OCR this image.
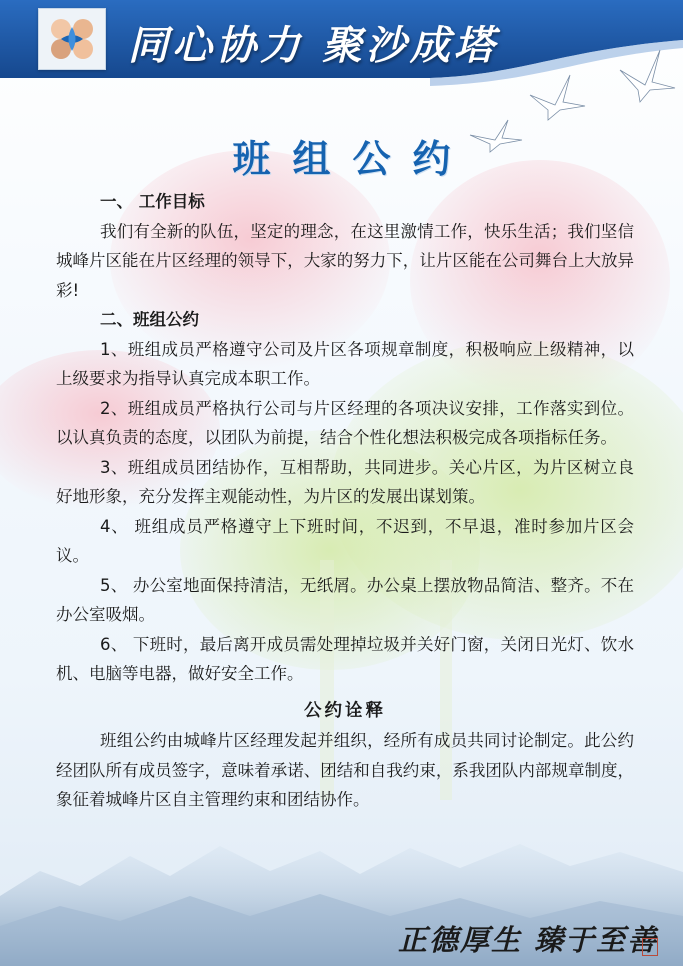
同心协力 聚沙成塔
班组公约

一、 工作目标

我们有全新的队伍，坚定的理念，在这里激情工作，快乐生活；我们坚信城峰片区能在片区经理的领导下，大家的努力下，让片区能在公司舞台上大放异彩!

二、班组公约

1、班组成员严格遵守公司及片区各项规章制度，积极响应上级精神，以上级要求为指导认真完成本职工作。

2、班组成员严格执行公司与片区经理的各项决议安排，工作落实到位。以认真负责的态度，以团队为前提，结合个性化想法积极完成各项指标任务。

3、班组成员团结协作，互相帮助，共同进步。关心片区，为片区树立良好地形象，充分发挥主观能动性，为片区的发展出谋划策。

4、 班组成员严格遵守上下班时间，不迟到，不早退，准时参加片区会议。

5、 办公室地面保持清洁，无纸屑。办公桌上摆放物品简洁、整齐。不在办公室吸烟。

6、 下班时，最后离开成员需处理掉垃圾并关好门窗，关闭日光灯、饮水机、电脑等电器，做好安全工作。

公约诠释

班组公约由城峰片区经理发起并组织，经所有成员共同讨论制定。此公约经团队所有成员签字，意味着承诺、团结和自我约束，系我团队内部规章制度，象征着城峰片区自主管理约束和团结协作。

正德厚生 臻于至善
